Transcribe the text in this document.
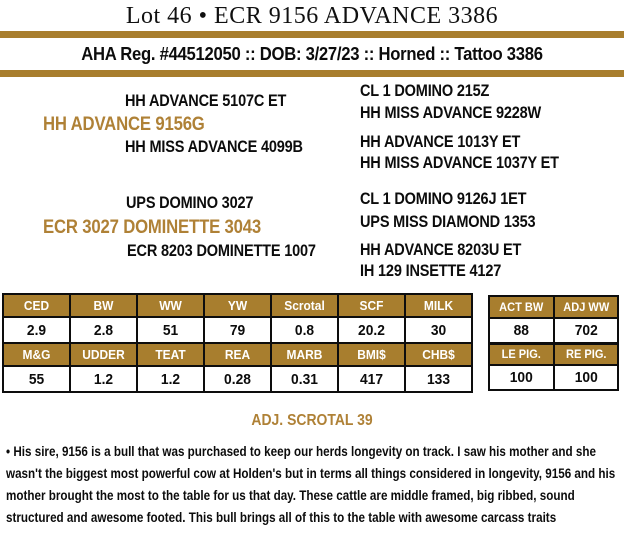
Lot 46 • ECR 9156 ADVANCE 3386
AHA Reg. #44512050 :: DOB: 3/27/23 :: Horned :: Tattoo 3386
HH ADVANCE 5107C ET
HH ADVANCE 9156G
HH MISS ADVANCE 4099B
CL 1 DOMINO 215Z
HH MISS ADVANCE 9228W
HH ADVANCE 1013Y ET
HH MISS ADVANCE 1037Y ET
UPS DOMINO 3027
ECR 3027 DOMINETTE 3043
ECR 8203 DOMINETTE 1007
CL 1 DOMINO 9126J 1ET
UPS MISS DIAMOND 1353
HH ADVANCE 8203U ET
IH 129 INSETTE 4127
CED	BW	WW	YW	Scrotal	SCF	MILK

2.9	2.8	51	79	0.8	20.2	30

M&G	UDDER	TEAT	REA	MARB	BMI$	CHB$

55	1.2	1.2	0.28	0.31	417	133
ACT BW	ADJ WW

88	702

LE PIG.	RE PIG.

100	100
ADJ. SCROTAL 39
• His sire, 9156 is a bull that was purchased to keep our herds longevity on track. I saw his mother and she wasn't the biggest most powerful cow at Holden's but in terms all things considered in longevity, 9156 and his mother brought the most to the table for us that day. These cattle are middle framed, big ribbed, sound structured and awesome footed. This bull brings all of this to the table with awesome carcass traits
